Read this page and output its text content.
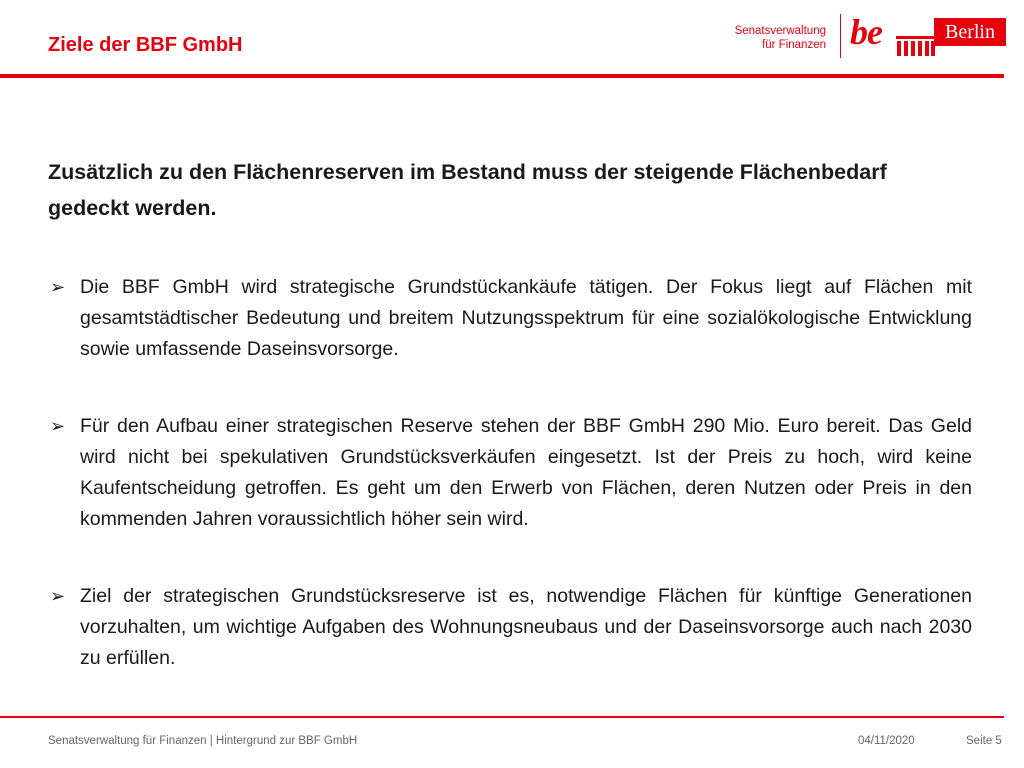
Ziele der BBF GmbH
Senatsverwaltung
für Finanzen be	Berlin
Zusätzlich zu den Flächenreserven im Bestand muss der steigende Flächenbedarf gedeckt werden.
➢ Die BBF GmbH wird strategische Grundstückankäufe tätigen. Der Fokus liegt auf Flächen mit gesamtstädtischer Bedeutung und breitem Nutzungsspektrum für eine sozialökologische Entwicklung sowie umfassende Daseinsvorsorge.
➢ Für den Aufbau einer strategischen Reserve stehen der BBF GmbH 290 Mio. Euro bereit. Das Geld wird nicht bei spekulativen Grundstücksverkäufen eingesetzt. Ist der Preis zu hoch, wird keine Kaufentscheidung getroffen. Es geht um den Erwerb von Flächen, deren Nutzen oder Preis in den kommenden Jahren voraussichtlich höher sein wird.
➢ Ziel der strategischen Grundstücksreserve ist es, notwendige Flächen für künftige Generationen vorzuhalten, um wichtige Aufgaben des Wohnungsneubaus und der Daseinsvorsorge auch nach 2030 zu erfüllen.
Senatsverwaltung für Finanzen | Hintergrund zur BBF GmbH	04/11/2020	Seite 5
